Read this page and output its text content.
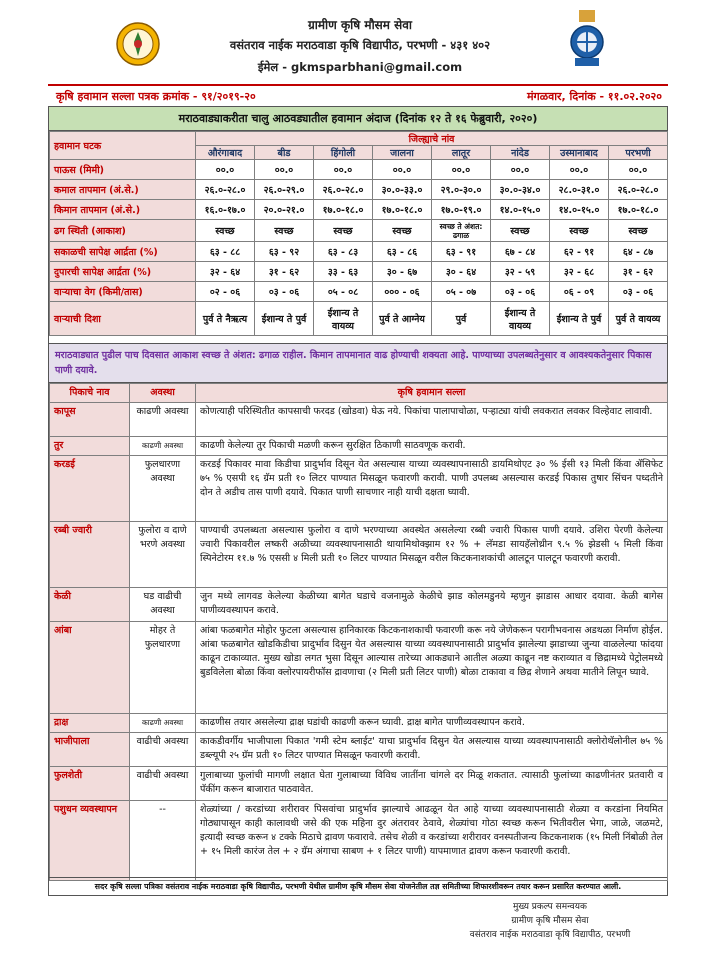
ग्रामीण कृषि मौसम सेवा
वसंतराव नाईक मराठवाडा कृषि विद्यापीठ, परभणी - ४३१ ४०२
ईमेल - gkmsparbhani@gmail.com
कृषि हवामान सल्ला पत्रक क्रमांक - ९१/२०१९-२०	मंगळवार, दिनांक - ११.०२.२०२०
मराठवाड्याकरीता चालु आठवड्यातील हवामान अंदाज (दिनांक १२ ते १६ फेब्रुवारी, २०२०)
हवामान घटक	जिल्ह्याचे नांव							
	औरंगाबाद	बीड	हिंगोली	जालना	लातूर	नांदेड	उस्मानाबाद	परभणी
पाऊस (मिमी)	००.०	००.०	००.०	००.०	००.०	००.०	००.०	००.०
कमाल तापमान (अं.से.)	२६.०-२८.०	२६.०-२९.०	२६.०-२८.०	३०.०-३३.०	२९.०-३०.०	३०.०-३४.०	२८.०-३१.०	२६.०-२८.०
किमान तापमान (अं.से.)	१६.०-१७.०	२०.०-२१.०	१७.०-१८.०	१७.०-१८.०	१७.०-१९.०	१४.०-१५.०	१४.०-१५.०	१७.०-१८.०
ढग स्थिती (आकाश)	स्वच्छ	स्वच्छ	स्वच्छ	स्वच्छ	स्वच्छ ते अंशत: ढगाळ	स्वच्छ	स्वच्छ	स्वच्छ
सकाळची सापेक्ष आर्द्रता (%)	६३ - ८८	६३ - ९२	६३ - ८३	६३ - ८६	६३ - ९१	६७ - ८४	६२ - ९१	६४ - ८७
दुपारची सापेक्ष आर्द्रता (%)	३२ - ६४	३१ - ६२	३३ - ६३	३० - ६७	३० - ६४	३२ - ५९	३२ - ६८	३१ - ६२
वाऱ्याचा वेग (किमी/तास)	०२ - ०६	०३ - ०६	०५ - ०८	००० - ०६	०५ - ०७	०३ - ०६	०६ - ०९	०३ - ०६
वाऱ्याची दिशा	पुर्व ते नैऋत्य	ईशान्य ते पुर्व	ईशान्य ते वायव्य	पुर्व ते आग्नेय	पुर्व	ईशान्य ते वायव्य	ईशान्य ते पुर्व	पुर्व ते वायव्य
मराठवाड्यात पुढील पाच दिवसात आकाश स्वच्छ ते अंशत: ढगाळ राहील. किमान तापमानात वाढ होण्याची शक्यता आहे. पाण्याच्या उपलब्धतेनुसार व आवश्यकतेनुसार पिकास पाणी दयावे.
पिकाचे नाव	अवस्था	कृषि हवामान सल्ला
कापूस	काढणी अवस्था	कोणत्याही परिस्थितीत कापसाची फरदड (खोडवा) घेऊ नये. पिकांचा पालापाचोळा, पऱ्हाट्या यांची लवकरात लवकर विल्हेवाट लावावी.
तुर	काढणी अवस्था	काढणी केलेल्या तुर पिकाची मळणी करून सुरक्षित ठिकाणी साठवणूक करावी.
करडई	फुलधारणा अवस्था	करडई पिकावर मावा किडीचा प्रादुर्भाव दिसून येत असल्यास याच्या व्यवस्थापनासाठी डायमिथोएट ३० % ईसी १३ मिली किंवा ॲसिफेट ७५ % एसपी १६ ग्रॅम प्रती १० लिटर पाण्यात मिसळून फवारणी करावी. पाणी उपलब्ध असल्यास करडई पिकास तुषार सिंचन पध्दतीने दोन ते अडीच तास पाणी दयावे. पिकात पाणी साचणार नाही याची दक्षता घ्यावी.
रब्बी ज्वारी	फुलोरा व दाणे भरणे अवस्था	पाण्याची उपलब्धता असल्यास फुलोरा व दाणे भरण्याच्या अवस्थेत असलेल्या रब्बी ज्वारी पिकास पाणी दयावे. उशिरा पेरणी केलेल्या ज्वारी पिकावरील लष्करी अळीच्या व्यवस्थापनासाठी थायामिथोक्झाम १२ % + लॅमडा सायहॅलोथ्रीन ९.५ % झेडसी ५ मिली किंवा स्पिनेटोरम ११.७ % एससी ४ मिली प्रती १० लिटर पाण्यात मिसळून वरील किटकनाशकांची आलटून पालटून फवारणी करावी.
केळी	घड वाढीची अवस्था	जुन मध्ये लागवड केलेल्या केळीच्या बागेत घडाचे वजनामुळे केळीचे झाड कोलमडुनये म्हणुन झाडास आधार दयावा. केळी बागेस पाणीव्यवस्थापन करावे.
आंबा	मोहर ते फुलधारणा	आंबा फळबागेत मोहोर फुटला असल्यास हानिकारक किटकनाशकाची फवारणी करू नये जेणेकरून परागीभवनास अडथळा निर्माण होईल. आंबा फळबागेत खोडकिडीचा प्रादुर्भाव दिसुन येत असल्यास याच्या व्यवस्थापनासाठी प्रादुर्भाव झालेल्या झाडाच्या जुन्या वाळलेल्या फांदया काढून टाकाव्यात. मुख्य खोडा लगत भुसा दिसून आल्यास तारेच्या आकड्याने आतील अळ्या काढून नष्ट कराव्यात व छिद्रामध्ये पेट्रोलमध्ये बुडविलेला बोळा किंवा क्लोरपायरीफॉस द्रावणाचा (२ मिली प्रती लिटर पाणी) बोळा टाकावा व छिद्र शेणाने अथवा मातीने लिपून घ्यावे.
द्राक्ष	काढणी अवस्था	काढणीस तयार असलेल्या द्राक्ष घडांची काढणी करून घ्यावी. द्राक्ष बागेत पाणीव्यवस्थापन करावे.
भाजीपाला	वाढीची अवस्था	काकडीवर्गीय भाजीपाला पिकात 'गमी स्टेम ब्लाईट' याचा प्रादुर्भाव दिसुन येत असल्यास याच्या व्यवस्थापनासाठी क्लोरोथॅलोनील ७५ % डब्ल्यूपी २५ ग्रॅम प्रती १० लिटर पाण्यात मिसळून फवारणी करावी.
फुलशेती	वाढीची अवस्था	गुलाबाच्या फुलांची मागणी लक्षात घेता गुलाबाच्या विविध जातींना चांगले दर मिळू शकतात. त्यासाठी फुलांच्या काढणीनंतर प्रतवारी व पॅकींग करून बाजारात पाठवावेत.
पशुधन व्यवस्थापन	--	शेळ्यांच्या / करडांच्या शरीरावर पिसवांचा प्रादुर्भाव झाल्याचे आढळून येत आहे याच्या व्यवस्थापनासाठी शेळ्या व करडांना नियमित गोठ्यापासून काही कालावधी जसे की एक महिना दुर अंतरावर ठेवावे, शेळ्यांचा गोठा स्वच्छ करून भितीवरील भेगा, जाळे, जळमटे, इत्यादी स्वच्छ करून ४ टक्के मिठाचे द्रावण फवारावे. तसेच शेळी व करडांच्या शरीरावर वनस्पतीजन्य किटकनाशक (१५ मिली निंबोळी तेल + १५ मिली कारंज तेल + २ ग्रॅम अंगाचा साबण + १ लिटर पाणी) यापमाणात द्रावण करून फवारणी करावी.
सदर कृषि सल्ला पत्रिका वसंतराव नाईक मराठवाडा कृषि विद्यापीठ, परभणी येथील ग्रामीण कृषि मौसम सेवा योजनेतील तज्ञ समितीच्या शिफारशीवरून तयार करून प्रसारित करण्यात आली.
मुख्य प्रकल्प समन्वयक
ग्रामीण कृषि मौसम सेवा
वसंतराव नाईक मराठवाडा कृषि विद्यापीठ, परभणी
